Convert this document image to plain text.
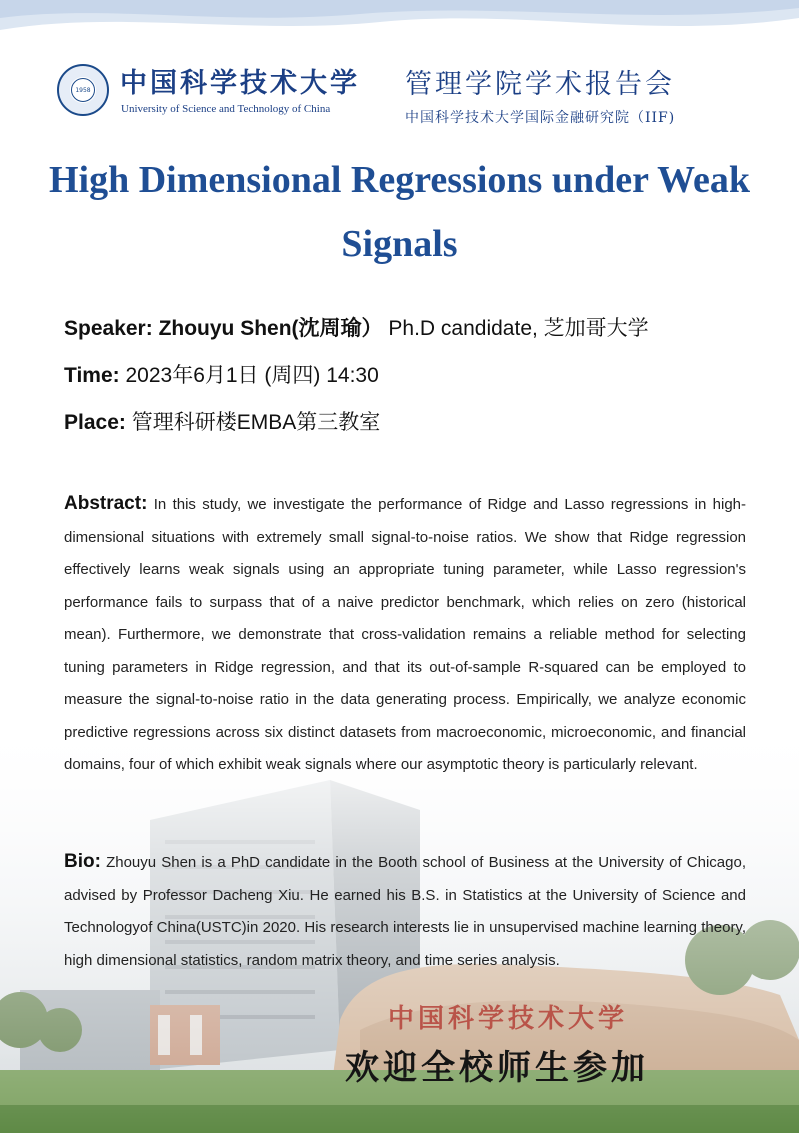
1958 中国科学技术大学
University of Science and Technology of China
管理学院学术报告会
中国科学技术大学国际金融研究院（IIF)
High Dimensional Regressions under Weak Signals
Speaker: Zhouyu Shen(沈周瑜） Ph.D candidate, 芝加哥大学
Time: 2023年6月1日 (周四) 14:30
Place: 管理科研楼EMBA第三教室
中国科学技术大学
Abstract: In this study, we investigate the performance of Ridge and Lasso regressions in high-dimensional situations with extremely small signal-to-noise ratios. We show that Ridge regression effectively learns weak signals using an appropriate tuning parameter, while Lasso regression's performance fails to surpass that of a naive predictor benchmark, which relies on zero (historical mean). Furthermore, we demonstrate that cross-validation remains a reliable method for selecting tuning parameters in Ridge regression, and that its out-of-sample R-squared can be employed to measure the signal-to-noise ratio in the data generating process. Empirically, we analyze economic predictive regressions across six distinct datasets from macroeconomic, microeconomic, and financial domains, four of which exhibit weak signals where our asymptotic theory is particularly relevant.
Bio: Zhouyu Shen is a PhD candidate in the Booth school of Business at the University of Chicago, advised by Professor Dacheng Xiu. He earned his B.S. in Statistics at the University of Science and Technologyof China(USTC)in 2020. His research interests lie in unsupervised machine learning theory, high dimensional statistics, random matrix theory, and time series analysis.
欢迎全校师生参加
